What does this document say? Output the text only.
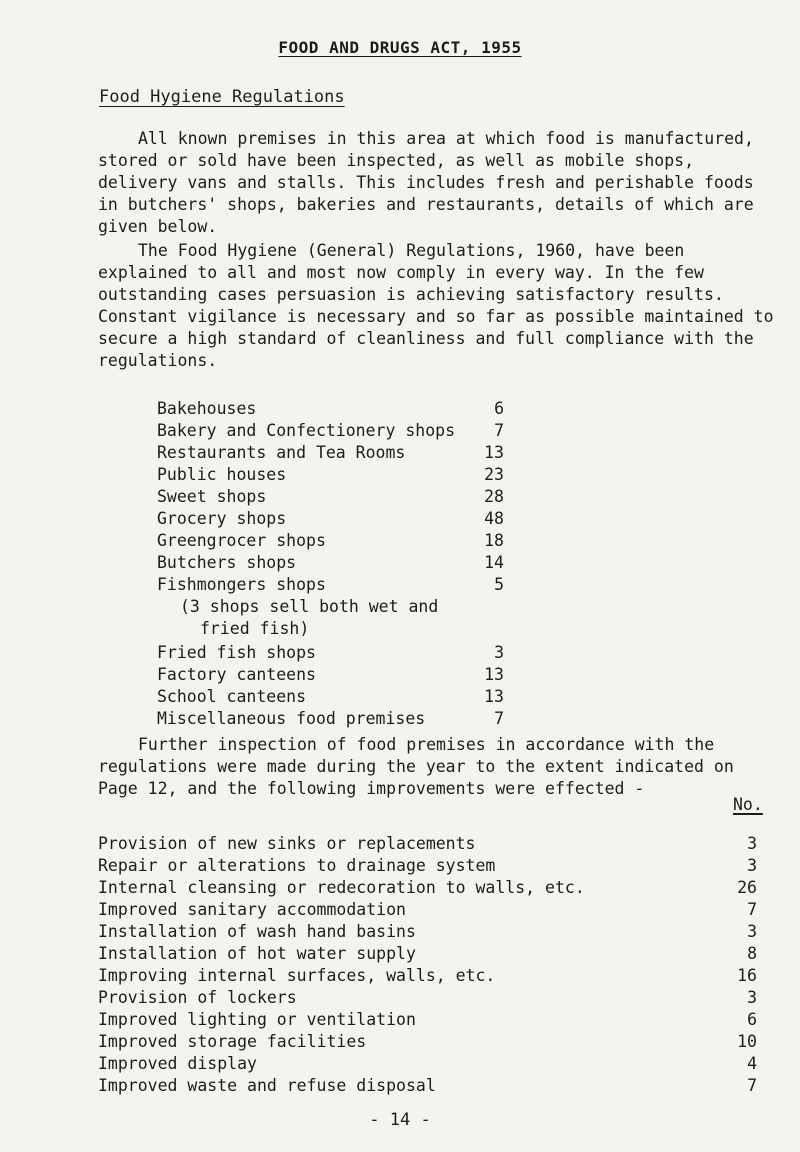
FOOD AND DRUGS ACT, 1955
Food Hygiene Regulations
All known premises in this area at which food is manufactured, stored or sold have been inspected, as well as mobile shops, delivery vans and stalls. This includes fresh and perishable foods in butchers' shops, bakeries and restaurants, details of which are given below.
The Food Hygiene (General) Regulations, 1960, have been explained to all and most now comply in every way. In the few outstanding cases persuasion is achieving satisfactory results. Constant vigilance is necessary and so far as possible maintained to secure a high standard of cleanliness and full compliance with the regulations.
Bakehouses	6
Bakery and Confectionery shops	7
Restaurants and Tea Rooms	13
Public houses	23
Sweet shops	28
Grocery shops	48
Greengrocer shops	18
Butchers shops	14
Fishmongers shops	5
(3 shops sell both wet and
fried fish)
Fried fish shops	3
Factory canteens	13
School canteens	13
Miscellaneous food premises	7
Further inspection of food premises in accordance with the regulations were made during the year to the extent indicated on Page 12, and the following improvements were effected -
No.
Provision of new sinks or replacements	3
Repair or alterations to drainage system	3
Internal cleansing or redecoration to walls, etc.	26
Improved sanitary accommodation	7
Installation of wash hand basins	3
Installation of hot water supply	8
Improving internal surfaces, walls, etc.	16
Provision of lockers	3
Improved lighting or ventilation	6
Improved storage facilities	10
Improved display	4
Improved waste and refuse disposal	7
- 14 -
